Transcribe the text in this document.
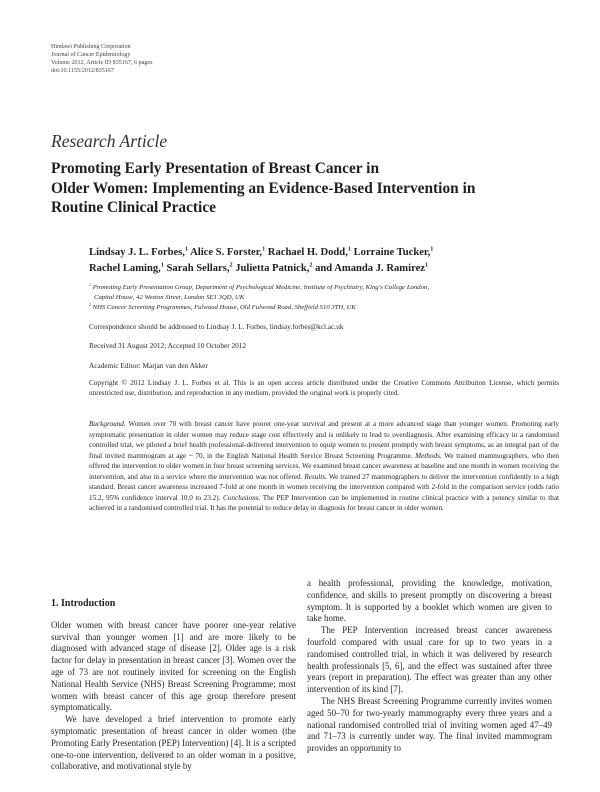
Hindawi Publishing Corporation
Journal of Cancer Epidemiology
Volume 2012, Article ID 835167, 6 pages
doi:10.1155/2012/835167
Research Article
Promoting Early Presentation of Breast Cancer in
Older Women: Implementing an Evidence-Based Intervention in
Routine Clinical Practice
Lindsay J. L. Forbes,$^1$ Alice S. Forster,$^1$ Rachael H. Dodd,$^1$ Lorraine Tucker,$^1$
Rachel Laming,$^1$ Sarah Sellars,$^2$ Julietta Patnick,$^2$ and Amanda J. Ramirez$^1$
$^1$ Promoting Early Presentation Group, Department of Psychological Medicine, Institute of Psychiatry, King's College London,
Capital House, 42 Weston Street, London SE1 3QD, UK
$^2$ NHS Cancer Screening Programmes, Fulwood House, Old Fulwood Road, Sheffield S10 3TH, UK
Correspondence should be addressed to Lindsay J. L. Forbes, lindsay.forbes@kcl.ac.uk
Received 31 August 2012; Accepted 10 October 2012
Academic Editor: Marjan van den Akker
Copyright © 2012 Lindsay J. L. Forbes et al. This is an open access article distributed under the Creative Commons Attribution License, which permits unrestricted use, distribution, and reproduction in any medium, provided the original work is properly cited.
Background. Women over 70 with breast cancer have poorer one-year survival and present at a more advanced stage than younger women. Promoting early symptomatic presentation in older women may reduce stage cost effectively and is unlikely to lead to overdiagnosis. After examining efficacy in a randomised controlled trial, we piloted a brief health professional-delivered intervention to equip women to present promptly with breast symptoms, as an integral part of the final invited mammogram at age ~ 70, in the English National Health Service Breast Screening Programme. Methods. We trained mammographers, who then offered the intervention to older women in four breast screening services. We examined breast cancer awareness at baseline and one month in women receiving the intervention, and also in a service where the intervention was not offered. Results. We trained 27 mammographers to deliver the intervention confidently to a high standard. Breast cancer awareness increased 7-fold at one month in women receiving the intervention compared with 2-fold in the comparison service (odds ratio 15.2, 95% confidence interval 10.0 to 23.2). Conclusions. The PEP Intervention can be implemented in routine clinical practice with a potency similar to that achieved in a randomised controlled trial. It has the potential to reduce delay in diagnosis for breast cancer in older women.

1. Introduction

Older women with breast cancer have poorer one-year relative survival than younger women [1] and are more likely to be diagnosed with advanced stage of disease [2]. Older age is a risk factor for delay in presentation in breast cancer [3]. Women over the age of 73 are not routinely invited for screening on the English National Health Service (NHS) Breast Screening Programme; most women with breast cancer of this age group therefore present symptomatically.

We have developed a brief intervention to promote early symptomatic presentation of breast cancer in older women (the Promoting Early Presentation (PEP) Intervention) [4]. It is a scripted one-to-one intervention, delivered to an older woman in a positive, collaborative, and motivational style by

a health professional, providing the knowledge, motivation, confidence, and skills to present promptly on discovering a breast symptom. It is supported by a booklet which women are given to take home.

The PEP Intervention increased breast cancer awareness fourfold compared with usual care for up to two years in a randomised controlled trial, in which it was delivered by research health professionals [5, 6], and the effect was sustained after three years (report in preparation). The effect was greater than any other intervention of its kind [7].

The NHS Breast Screening Programme currently invites women aged 50–70 for two-yearly mammography every three years and a national randomised controlled trial of inviting women aged 47–49 and 71–73 is currently under way. The final invited mammogram provides an opportunity to
